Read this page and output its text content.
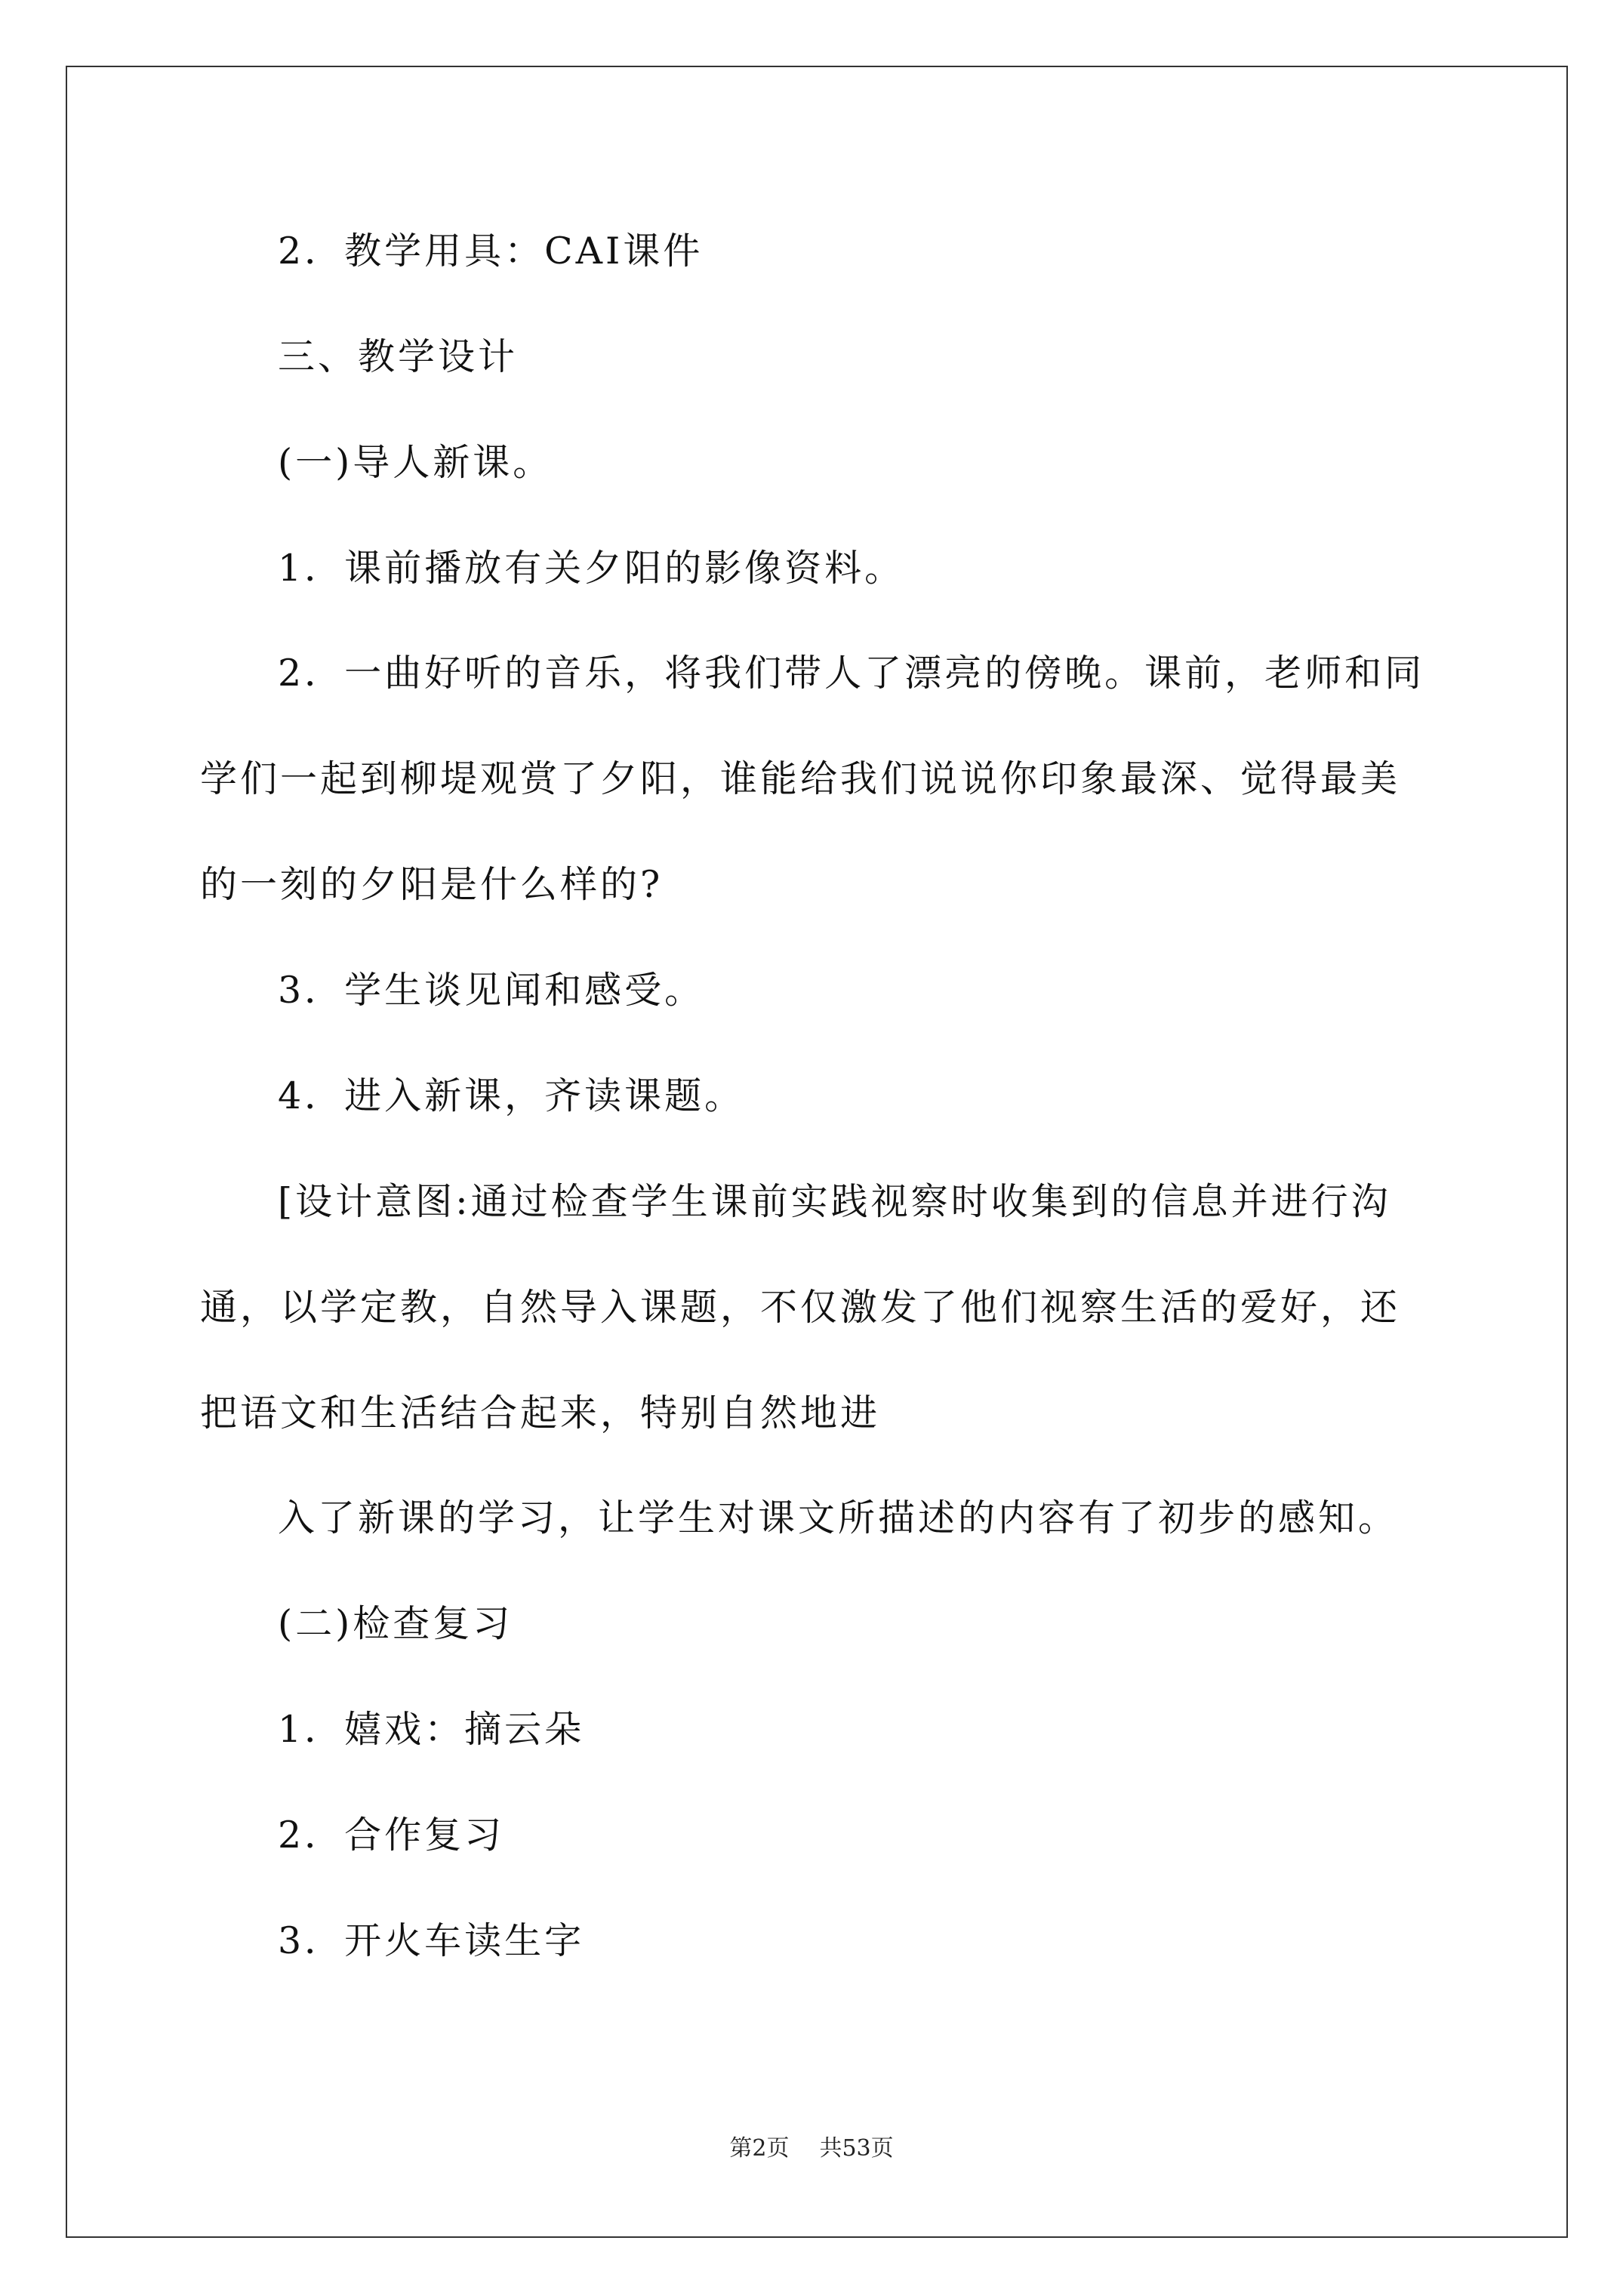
2．教学用具：CAI课件

三、教学设计

(一)导人新课。

1．课前播放有关夕阳的影像资料。

2．一曲好听的音乐，将我们带人了漂亮的傍晚。课前，老师和同

学们一起到柳堤观赏了夕阳，谁能给我们说说你印象最深、觉得最美

的一刻的夕阳是什么样的?

3．学生谈见闻和感受。

4．进入新课，齐读课题。

[设计意图:通过检查学生课前实践视察时收集到的信息并进行沟

通，以学定教，自然导入课题，不仅激发了他们视察生活的爱好，还

把语文和生活结合起来，特别自然地进

入了新课的学习，让学生对课文所描述的内容有了初步的感知。

(二)检查复习

1．嬉戏：摘云朵

2．合作复习

3．开火车读生字

第2页 共53页
